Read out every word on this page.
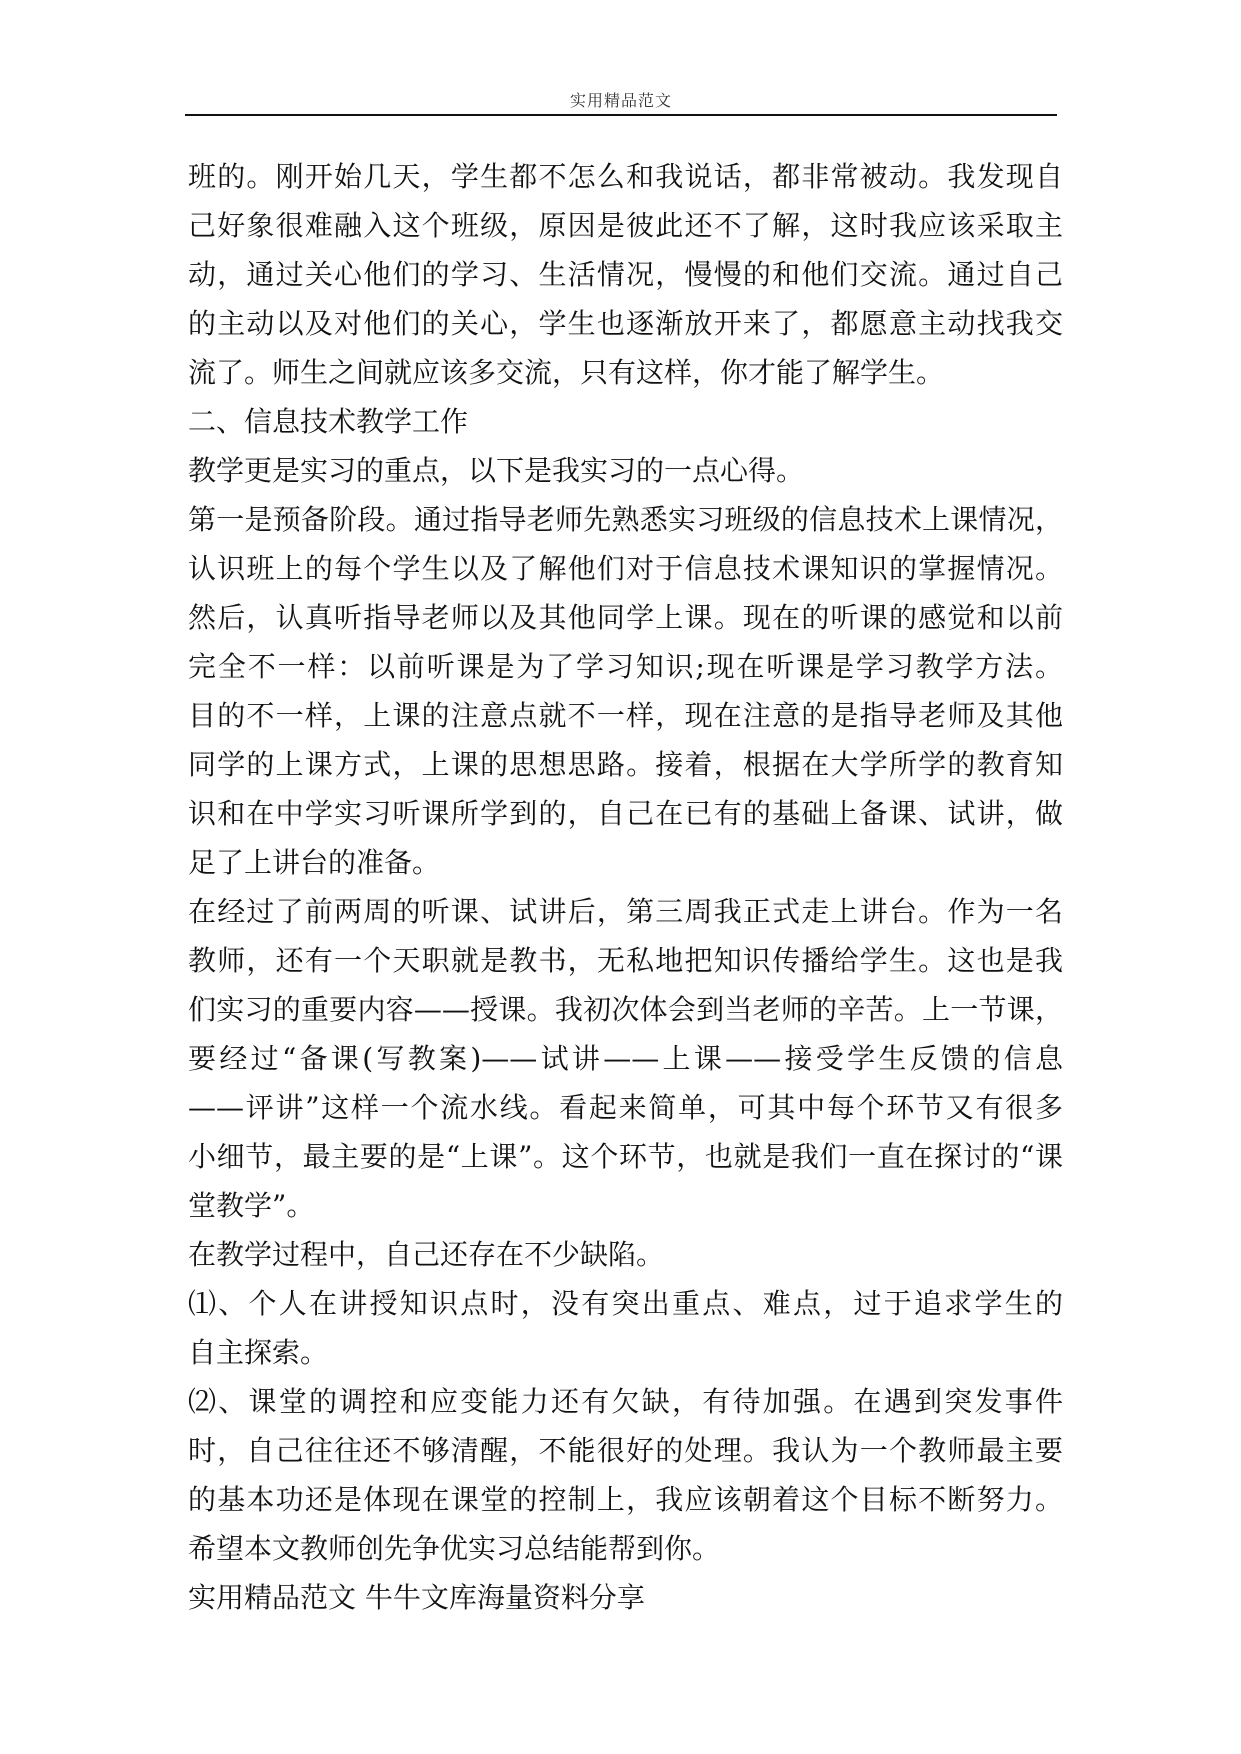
实用精品范文
班的。刚开始几天，学生都不怎么和我说话，都非常被动。我发现自
己好象很难融入这个班级，原因是彼此还不了解，这时我应该采取主
动，通过关心他们的学习、生活情况，慢慢的和他们交流。通过自己
的主动以及对他们的关心，学生也逐渐放开来了，都愿意主动找我交
流了。师生之间就应该多交流，只有这样，你才能了解学生。
二、信息技术教学工作
教学更是实习的重点，以下是我实习的一点心得。
第一是预备阶段。通过指导老师先熟悉实习班级的信息技术上课情况，
认识班上的每个学生以及了解他们对于信息技术课知识的掌握情况。
然后，认真听指导老师以及其他同学上课。现在的听课的感觉和以前
完全不一样：以前听课是为了学习知识;现在听课是学习教学方法。
目的不一样，上课的注意点就不一样，现在注意的是指导老师及其他
同学的上课方式，上课的思想思路。接着，根据在大学所学的教育知
识和在中学实习听课所学到的，自己在已有的基础上备课、试讲，做
足了上讲台的准备。
在经过了前两周的听课、试讲后，第三周我正式走上讲台。作为一名
教师，还有一个天职就是教书，无私地把知识传播给学生。这也是我
们实习的重要内容——授课。我初次体会到当老师的辛苦。上一节课，
要经过“备课(写教案)——试讲——上课——接受学生反馈的信息
——评讲”这样一个流水线。看起来简单，可其中每个环节又有很多
小细节，最主要的是“上课”。这个环节，也就是我们一直在探讨的“课
堂教学”。
在教学过程中，自己还存在不少缺陷。
⑴、个人在讲授知识点时，没有突出重点、难点，过于追求学生的
自主探索。
⑵、课堂的调控和应变能力还有欠缺，有待加强。在遇到突发事件
时，自己往往还不够清醒，不能很好的处理。我认为一个教师最主要
的基本功还是体现在课堂的控制上，我应该朝着这个目标不断努力。
希望本文教师创先争优实习总结能帮到你。
实用精品范文 牛牛文库海量资料分享
